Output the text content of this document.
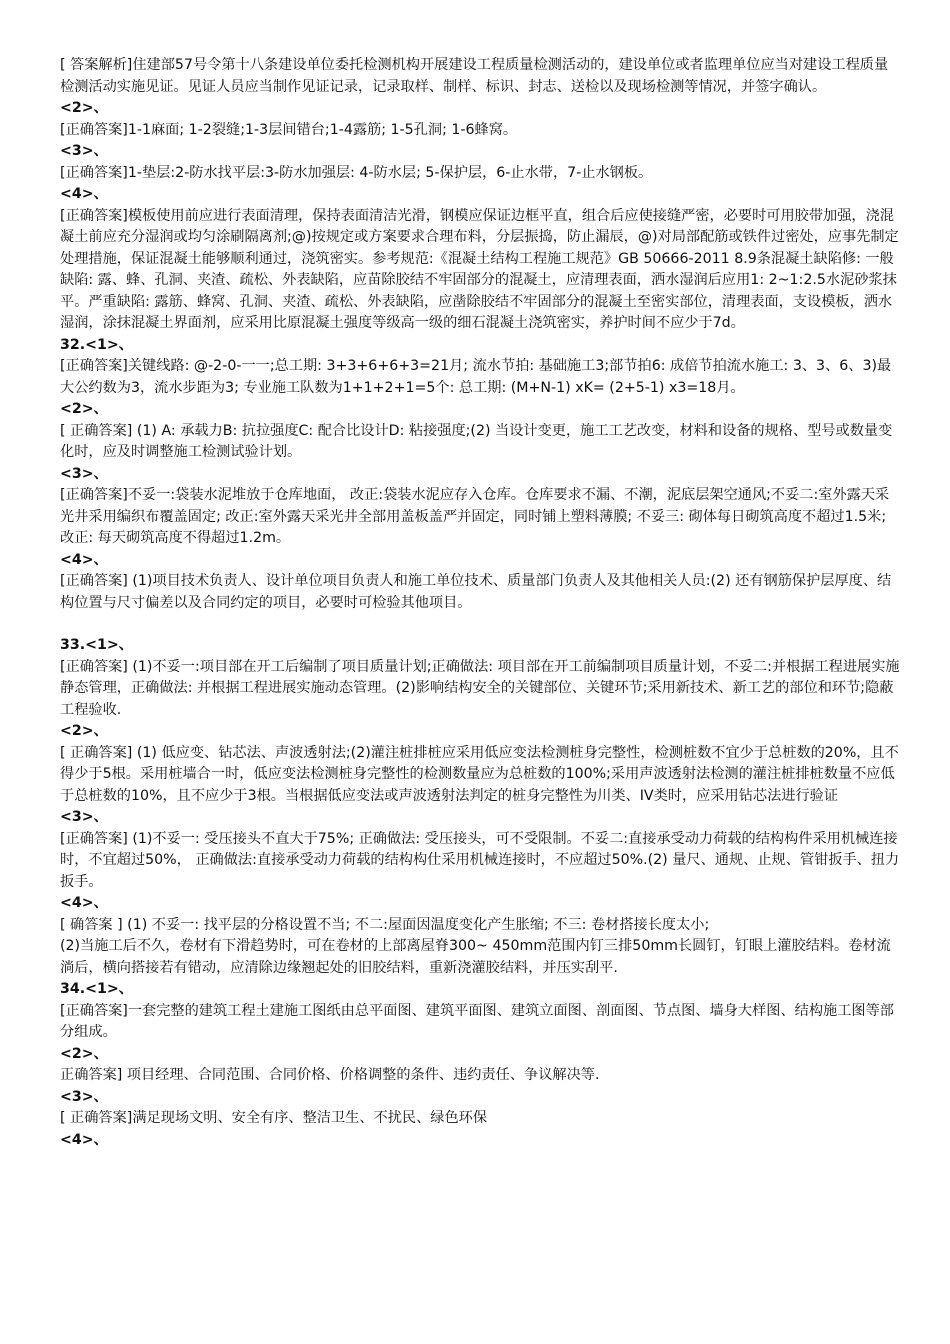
[ 答案解析]住建部57号令第十八条建设单位委托检测机构开展建设工程质量检测活动的，建设单位或者监理单位应当对建设工程质量检测活动实施见证。见证人员应当制作见证记录，记录取样、制样、标识、封志、送检以及现场检测等情况，并签字确认。

<2>、

[正确答案]1-1麻面; 1-2裂缝;1-3层间错台;1-4露筋; 1-5孔洞; 1-6蜂窝。

<3>、

[正确答案]1-垫层:2-防水找平层:3-防水加强层: 4-防水层; 5-保护层，6-止水带，7-止水钢板。

<4>、

[正确答案]模板使用前应进行表面清理，保持表面清洁光滑，钢模应保证边框平直，组合后应使接缝严密，必要时可用胶带加强，浇混凝土前应充分湿润或均匀涂刷隔离剂;@)按规定或方案要求合理布料，分层振捣，防止漏辰，@)对局部配筋或铁件过密处，应事先制定处理措施，保证混凝土能够顺利通过，浇筑密实。参考规范:《混凝土结构工程施工规范》GB 50666-2011 8.9条混凝土缺陷修: 一般缺陷: 露、蜂、孔洞、夹渣、疏松、外表缺陷，应苗除胶结不牢固部分的混凝土，应清理表面，洒水湿润后应用1: 2~1:2.5水泥砂浆抹平。严重缺陷: 露筋、蜂窝、孔洞、夹渣、疏松、外表缺陷，应凿除胶结不牢固部分的混凝土至密实部位，清理表面，支设模板，洒水湿润，涂抹混凝土界面剂，应采用比原混凝土强度等级高一级的细石混凝土浇筑密实，养护时间不应少于7d。

32.<1>、

[正确答案]关键线路: @-2-0-一一;总工期: 3+3+6+6+3=21月; 流水节拍: 基础施工3;部节拍6: 成倍节拍流水施工: 3、3、6、3)最大公约数为3，流水步距为3; 专业施工队数为1+1+2+1=5个: 总工期: (M+N-1) xK= (2+5-1) x3=18月。

<2>、

[ 正确答案] (1) A: 承载力B: 抗拉强度C: 配合比设计D: 粘接强度;(2) 当设计变更，施工工艺改变，材料和设备的规格、型号或数量变化时，应及时调整施工检测试验计划。

<3>、

[正确答案]不妥一:袋装水泥堆放于仓库地面， 改正:袋装水泥应存入仓库。仓库要求不漏、不潮，泥底层架空通风;不妥二:室外露天采光井采用编织布覆盖固定; 改正:室外露天采光井全部用盖板盖严并固定，同时铺上塑料薄膜; 不妥三: 砌体每日砌筑高度不超过1.5米; 改正: 每天砌筑高度不得超过1.2m。

<4>、

[正确答案] (1)项目技术负责人、设计单位项目负责人和施工单位技术、质量部门负责人及其他相关人员:(2) 还有钢筋保护层厚度、结构位置与尺寸偏差以及合同约定的项目，必要时可检验其他项目。

33.<1>、

[正确答案] (1)不妥一:项目部在开工后编制了项目质量计划;正确做法: 项目部在开工前编制项目质量计划，不妥二:并根据工程进展实施静态管理，正确做法: 并根据工程进展实施动态管理。(2)影响结构安全的关键部位、关键环节;采用新技术、新工艺的部位和环节;隐蔽工程验收.

<2>、

[ 正确答案] (1) 低应变、钻芯法、声波透射法;(2)灌注桩排桩应采用低应变法检测桩身完整性，检测桩数不宜少于总桩数的20%，且不得少于5根。采用桩墙合一时，低应变法检测桩身完整性的检测数量应为总桩数的100%;采用声波透射法检测的灌注桩排桩数量不应低于总桩数的10%，且不应少于3根。当根据低应变法或声波透射法判定的桩身完整性为川类、IV类时，应采用钻芯法进行验证

<3>、

[正确答案] (1)不妥一: 受压接头不直大于75%; 正确做法: 受压接头，可不受限制。不妥二:直接承受动力荷载的结构构件采用机械连接时，不宜超过50%， 正确做法:直接承受动力荷载的结构构仕采用机械连接时，不应超过50%.(2) 量尺、通规、止规、管钳扳手、扭力扳手。

<4>、

[ 确答案 ] (1) 不妥一: 找平层的分格设置不当; 不二:屋面因温度变化产生胀缩; 不三: 卷材搭接长度太小;

(2)当施工后不久，卷材有下滑趋势时，可在卷材的上部离屋脊300~ 450mm范围内钉三排50mm长圆钉，钉眼上灌胶结料。卷材流淌后，横向搭接若有错动，应清除边缘翘起处的旧胶结料，重新浇灌胶结料，并压实刮平.

34.<1>、

[正确答案]一套完整的建筑工程土建施工图纸由总平面图、建筑平面图、建筑立面图、剖面图、节点图、墙身大样图、结构施工图等部分组成。

<2>、

正确答案] 项目经理、合同范围、合同价格、价格调整的条件、违约责任、争议解决等.

<3>、

[ 正确答案]满足现场文明、安全有序、整洁卫生、不扰民、绿色环保

<4>、
